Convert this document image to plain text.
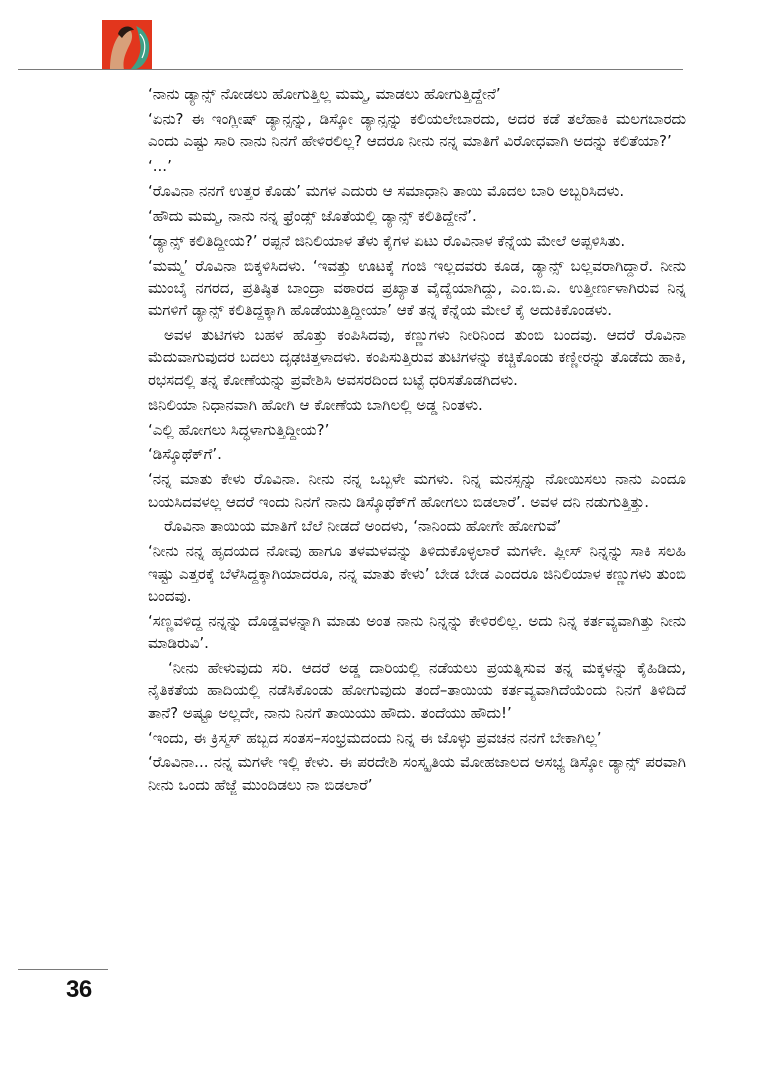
‘ನಾನು ಡ್ಯಾನ್ಸ್ ನೋಡಲು ಹೋಗುತ್ತಿಲ್ಲ ಮಮ್ಮ, ಮಾಡಲು ಹೋಗುತ್ತಿದ್ದೇನೆ’

‘ಏನು? ಈ ಇಂಗ್ಲೀಷ್ ಡ್ಯಾನ್ಸನ್ನು, ಡಿಸ್ಕೋ ಡ್ಯಾನ್ಸನ್ನು ಕಲಿಯಲೇಬಾರದು, ಅದರ ಕಡೆ ತಲೆಹಾಕಿ ಮಲಗಬಾರದು ಎಂದು ಎಷ್ಟು ಸಾರಿ ನಾನು ನಿನಗೆ ಹೇಳಿರಲಿಲ್ಲ? ಆದರೂ ನೀನು ನನ್ನ ಮಾತಿಗೆ ವಿರೋಧವಾಗಿ ಅದನ್ನು ಕಲಿತೆಯಾ?’

‘...’

‘ರೊವಿನಾ ನನಗೆ ಉತ್ತರ ಕೊಡು’ ಮಗಳ ಎದುರು ಆ ಸಮಾಧಾನಿ ತಾಯಿ ಮೊದಲ ಬಾರಿ ಅಬ್ಬರಿಸಿದಳು.

‘ಹೌದು ಮಮ್ಮ, ನಾನು ನನ್ನ ಫ್ರೆಂಡ್ಸ್ ಜೊತೆಯಲ್ಲಿ ಡ್ಯಾನ್ಸ್ ಕಲಿತಿದ್ದೇನೆ’.

‘ಡ್ಯಾನ್ಸ್ ಕಲಿತಿದ್ದೀಯ?’ ರಪ್ಪನೆ ಜಿನಿಲಿಯಾಳ ತೆಳು ಕೈಗಳ ಏಟು ರೊವಿನಾಳ ಕೆನ್ನೆಯ ಮೇಲೆ ಅಪ್ಪಳಿಸಿತು.

‘ಮಮ್ಮ’ ರೊವಿನಾ ಬಿಕ್ಕಳಿಸಿದಳು. ‘ಇವತ್ತು ಊಟಕ್ಕೆ ಗಂಜಿ ಇಲ್ಲದವರು ಕೂಡ, ಡ್ಯಾನ್ಸ್ ಬಲ್ಲವರಾಗಿದ್ದಾರೆ. ನೀನು ಮುಂಬೈ ನಗರದ, ಪ್ರತಿಷ್ಠಿತ ಬಾಂದ್ರಾ ವಠಾರದ ಪ್ರಖ್ಯಾತ ವೈದ್ಯೆಯಾಗಿದ್ದು, ಎಂ.ಬಿ.ಎ. ಉತ್ತೀರ್ಣಳಾಗಿರುವ ನಿನ್ನ ಮಗಳಿಗೆ ಡ್ಯಾನ್ಸ್ ಕಲಿತಿದ್ದಕ್ಕಾಗಿ ಹೊಡೆಯುತ್ತಿದ್ದೀಯಾ’ ಆಕೆ ತನ್ನ ಕೆನ್ನೆಯ ಮೇಲೆ ಕೈ ಅದುಕಿಕೊಂಡಳು.

ಅವಳ ತುಟಿಗಳು ಬಹಳ ಹೊತ್ತು ಕಂಪಿಸಿದವು, ಕಣ್ಣುಗಳು ನೀರಿನಿಂದ ತುಂಬಿ ಬಂದವು. ಆದರೆ ರೊವಿನಾ ಮೆದುವಾಗುವುದರ ಬದಲು ದೃಢಚಿತ್ತಳಾದಳು. ಕಂಪಿಸುತ್ತಿರುವ ತುಟಿಗಳನ್ನು ಕಚ್ಚಿಕೊಂಡು ಕಣ್ಣೀರನ್ನು ತೊಡೆದು ಹಾಕಿ, ರಭಸದಲ್ಲಿ ತನ್ನ ಕೋಣೆಯನ್ನು ಪ್ರವೇಶಿಸಿ ಅವಸರದಿಂದ ಬಟ್ಟೆ ಧರಿಸತೊಡಗಿದಳು.

ಜಿನಿಲಿಯಾ ನಿಧಾನವಾಗಿ ಹೋಗಿ ಆ ಕೋಣೆಯ ಬಾಗಿಲಲ್ಲಿ ಅಡ್ಡ ನಿಂತಳು.

‘ಎಲ್ಲಿ ಹೋಗಲು ಸಿದ್ಧಳಾಗುತ್ತಿದ್ದೀಯ?’

‘ಡಿಸ್ಕೊಥೆಕ್‌ಗೆ’.

‘ನನ್ನ ಮಾತು ಕೇಳು ರೊವಿನಾ. ನೀನು ನನ್ನ ಒಬ್ಬಳೇ ಮಗಳು. ನಿನ್ನ ಮನಸ್ಸನ್ನು ನೋಯಿಸಲು ನಾನು ಎಂದೂ ಬಯಸಿದವಳಲ್ಲ ಆದರೆ ಇಂದು ನಿನಗೆ ನಾನು ಡಿಸ್ಕೊಥೆಕ್‌ಗೆ ಹೋಗಲು ಬಿಡಲಾರೆ’. ಅವಳ ದನಿ ನಡುಗುತ್ತಿತ್ತು.

ರೊವಿನಾ ತಾಯಿಯ ಮಾತಿಗೆ ಬೆಲೆ ನೀಡದೆ ಅಂದಳು, ‘ನಾನಿಂದು ಹೋಗೇ ಹೋಗುವೆ’

‘ನೀನು ನನ್ನ ಹೃದಯದ ನೋವು ಹಾಗೂ ತಳಮಳವನ್ನು ತಿಳಿದುಕೊಳ್ಳಲಾರೆ ಮಗಳೇ. ಪ್ಲೀಸ್ ನಿನ್ನನ್ನು ಸಾಕಿ ಸಲಹಿ ಇಷ್ಟು ಎತ್ತರಕ್ಕೆ ಬೆಳೆಸಿದ್ದಕ್ಕಾಗಿಯಾದರೂ, ನನ್ನ ಮಾತು ಕೇಳು’ ಬೇಡ ಬೇಡ ಎಂದರೂ ಜಿನಿಲಿಯಾಳ ಕಣ್ಣುಗಳು ತುಂಬಿ ಬಂದವು.

‘ಸಣ್ಣವಳಿದ್ದ ನನ್ನನ್ನು ದೊಡ್ಡವಳನ್ನಾಗಿ ಮಾಡು ಅಂತ ನಾನು ನಿನ್ನನ್ನು ಕೇಳಿರಲಿಲ್ಲ. ಅದು ನಿನ್ನ ಕರ್ತವ್ಯವಾಗಿತ್ತು ನೀನು ಮಾಡಿರುವಿ’.

‘ನೀನು ಹೇಳುವುದು ಸರಿ. ಆದರೆ ಅಡ್ಡ ದಾರಿಯಲ್ಲಿ ನಡೆಯಲು ಪ್ರಯತ್ನಿಸುವ ತನ್ನ ಮಕ್ಕಳನ್ನು ಕೈಹಿಡಿದು, ನೈತಿಕತೆಯ ಹಾದಿಯಲ್ಲಿ ನಡೆಸಿಕೊಂಡು ಹೋಗುವುದು ತಂದೆ–ತಾಯಿಯ ಕರ್ತವ್ಯವಾಗಿದೆಯೆಂದು ನಿನಗೆ ತಿಳಿದಿದೆ ತಾನೆ? ಅಷ್ಟೂ ಅಲ್ಲದೇ, ನಾನು ನಿನಗೆ ತಾಯಿಯು ಹೌದು. ತಂದೆಯು ಹೌದು!’

‘ಇಂದು, ಈ ಕ್ರಿಸ್ಮಸ್ ಹಬ್ಬದ ಸಂತಸ–ಸಂಭ್ರಮದಂದು ನಿನ್ನ ಈ ಜೊಳ್ಳು ಪ್ರವಚನ ನನಗೆ ಬೇಕಾಗಿಲ್ಲ’

‘ರೊವಿನಾ... ನನ್ನ ಮಗಳೇ ಇಲ್ಲಿ ಕೇಳು. ಈ ಪರದೇಶಿ ಸಂಸ್ಕೃತಿಯ ಮೋಹಜಾಲದ ಅಸಭ್ಯ ಡಿಸ್ಕೋ ಡ್ಯಾನ್ಸ್ ಪರವಾಗಿ ನೀನು ಒಂದು ಹೆಜ್ಜೆ ಮುಂದಿಡಲು ನಾ ಬಿಡಲಾರೆ’

36
